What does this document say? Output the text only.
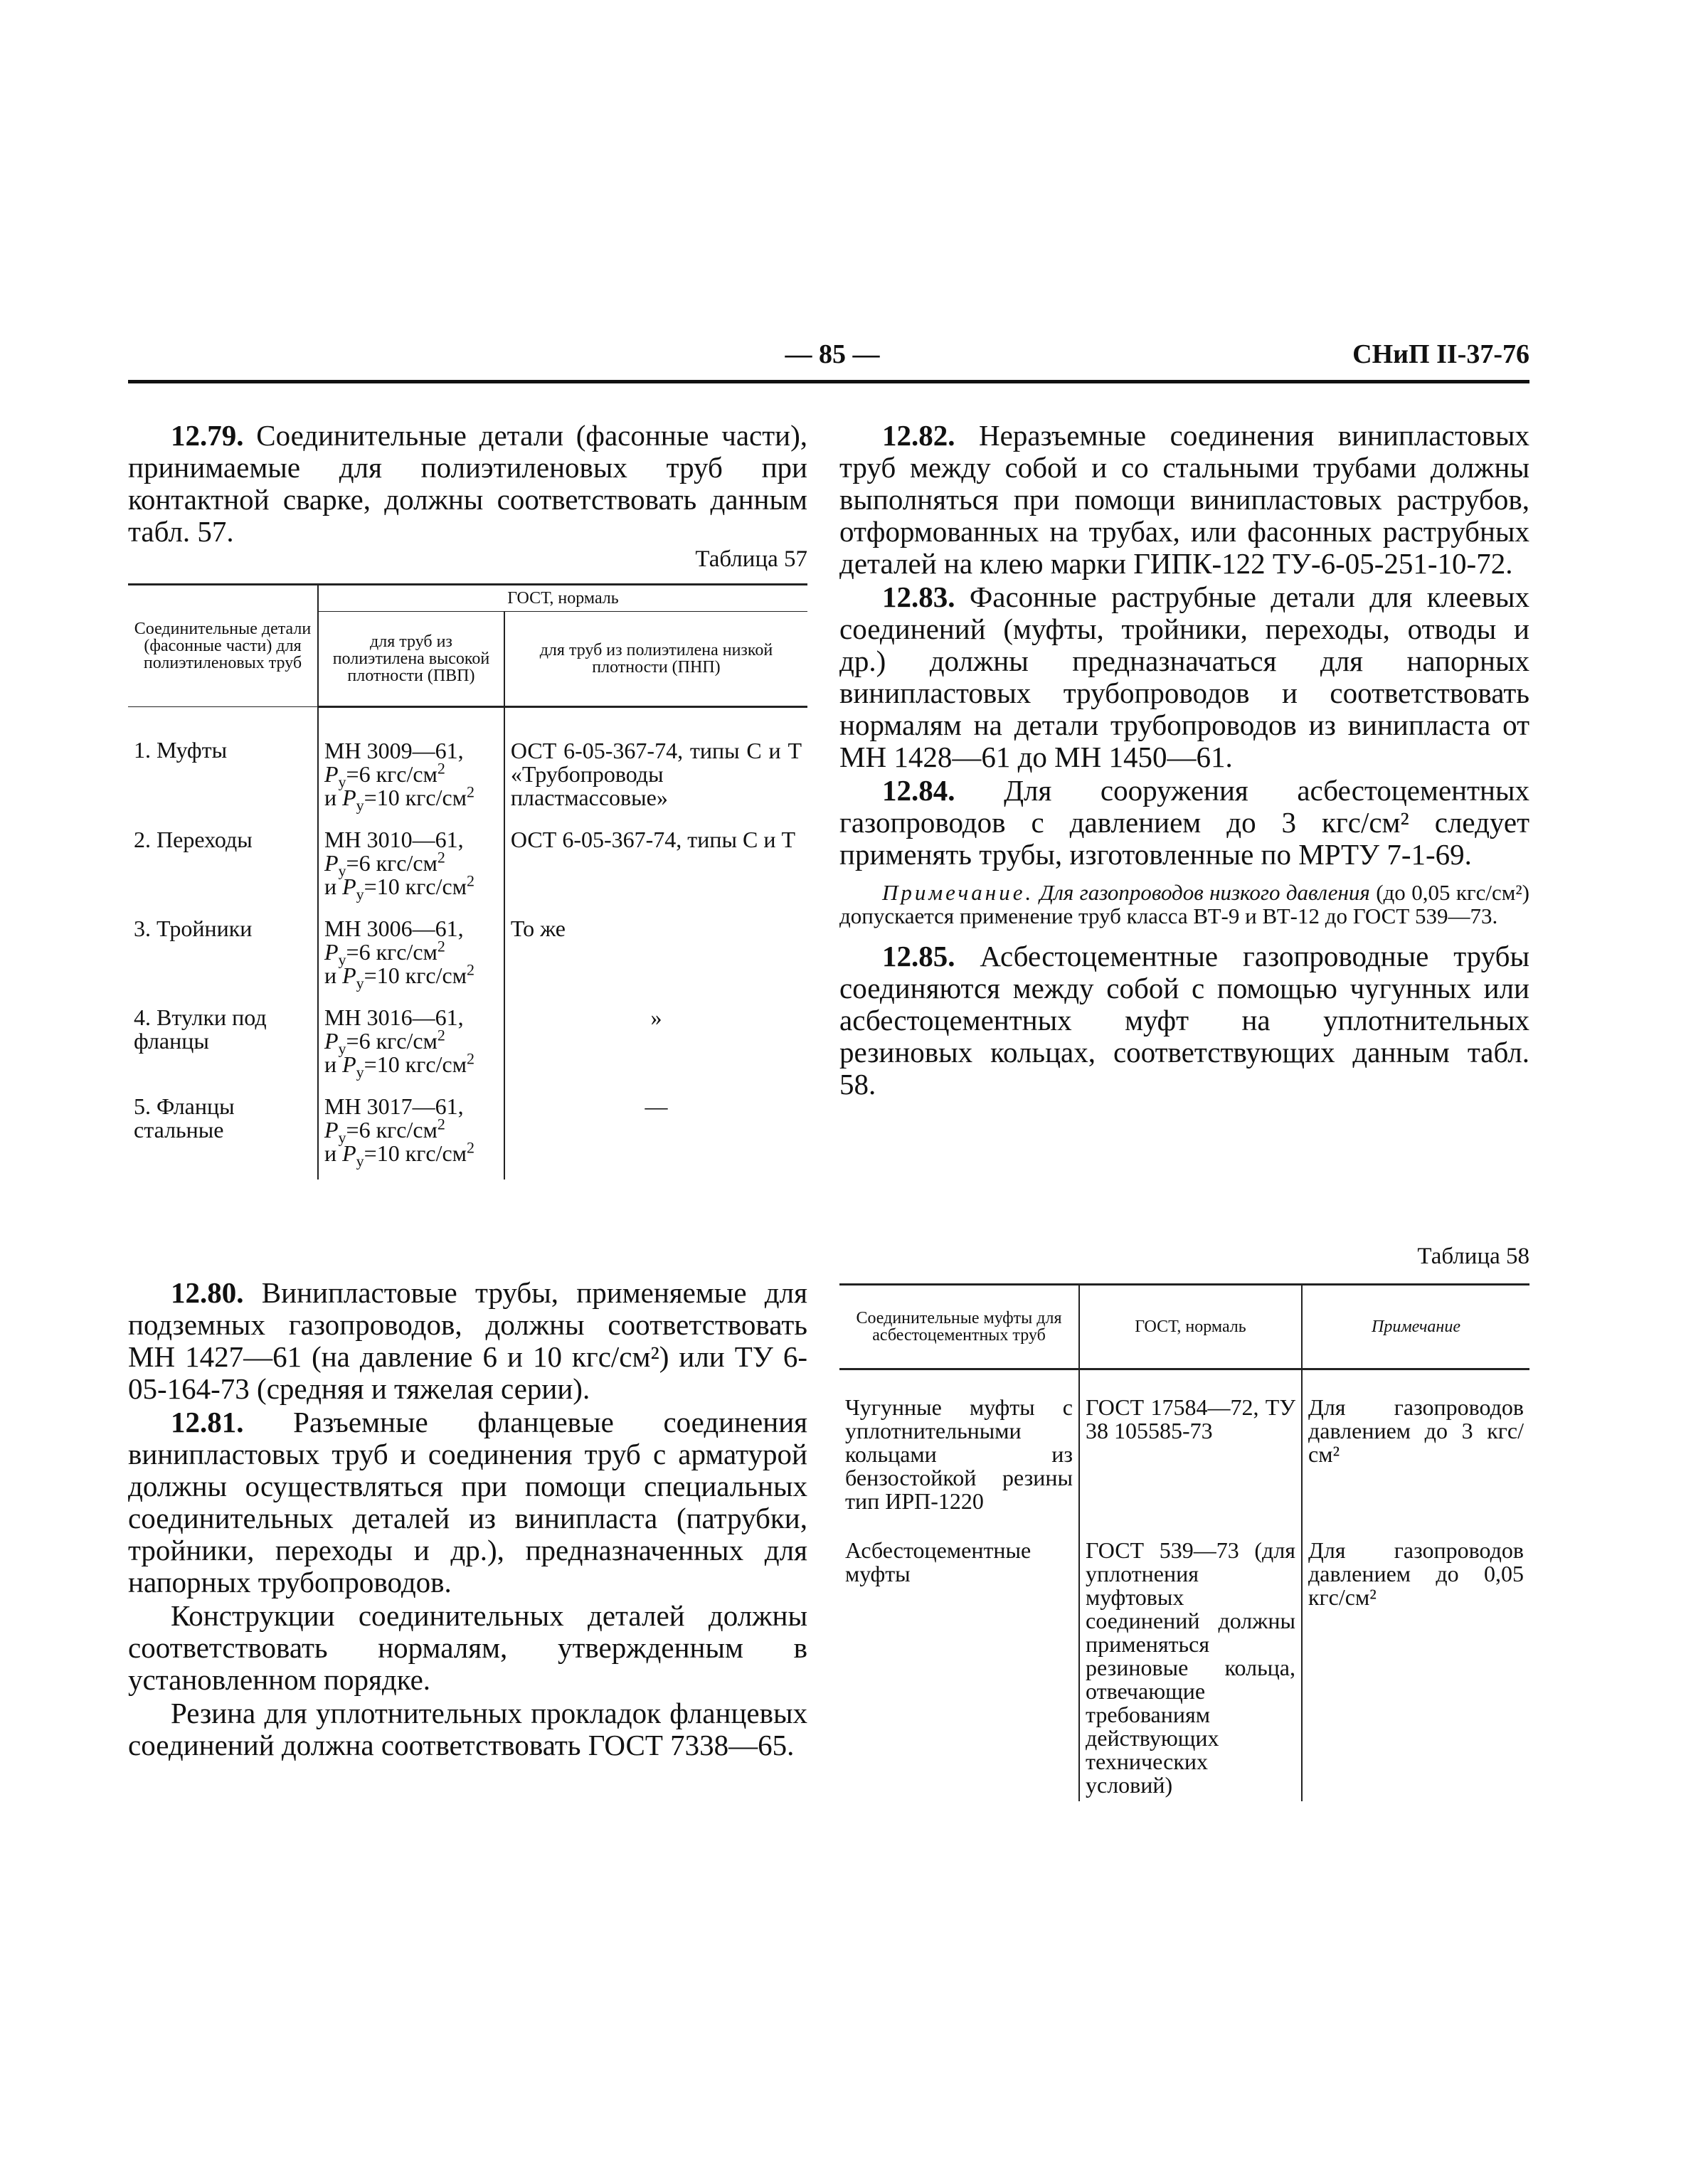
— 85 —	СНиП II-37-76

12.79. Соединительные детали (фасонные части), принимаемые для полиэтиленовых труб при контактной сварке, должны соответствовать данным табл. 57.

Таблица 57
Соединительные детали (фасонные части) для полиэтиленовых труб	ГОСТ, нормаль	
	для труб из полиэтилена высокой плотности (ПВП)	для труб из полиэтилена низкой плотности (ПНП)
1. Муфты	МН 3009—61,
$P_у=6$ кгс/$см^2$
и $P_у=10$ кгс/$см^2$	ОСТ 6-05-367-74, типы С и Т «Трубопроводы пластмассовые»
2. Переходы	МН 3010—61,
$P_у=6$ кгс/$см^2$
и $P_у=10$ кгс/$см^2$	ОСТ 6-05-367-74, типы С и Т
3. Тройники	МН 3006—61,
$P_у=6$ кгс/$см^2$
и $P_у=10$ кгс/$см^2$	То же
4. Втулки под фланцы	МН 3016—61,
$P_у=6$ кгс/$см^2$
и $P_у=10$ кгс/$см^2$	»
5. Фланцы стальные	МН 3017—61,
$P_у=6$ кгс/$см^2$
и $P_у=10$ кгс/$см^2$	—

12.80. Винипластовые трубы, применяемые для подземных газопроводов, должны соответствовать МН 1427—61 (на давление 6 и 10 кгс/см²) или ТУ 6-05-164-73 (средняя и тяжелая серии).

12.81. Разъемные фланцевые соединения винипластовых труб и соединения труб с арматурой должны осуществляться при помощи специальных соединительных деталей из винипласта (патрубки, тройники, переходы и др.), предназначенных для напорных трубопроводов.

Конструкции соединительных деталей должны соответствовать нормалям, утвержденным в установленном порядке.

Резина для уплотнительных прокладок фланцевых соединений должна соответствовать ГОСТ 7338—65.

12.82. Неразъемные соединения винипластовых труб между собой и со стальными трубами должны выполняться при помощи винипластовых раструбов, отформованных на трубах, или фасонных раструбных деталей на клею марки ГИПК-122 ТУ-6-05-251-10-72.

12.83. Фасонные раструбные детали для клеевых соединений (муфты, тройники, переходы, отводы и др.) должны предназначаться для напорных винипластовых трубопроводов и соответствовать нормалям на детали трубопроводов из винипласта от МН 1428—61 до МН 1450—61.

12.84. Для сооружения асбестоцементных газопроводов с давлением до 3 кгс/см² следует применять трубы, изготовленные по МРТУ 7-1-69.

Примечание. Для газопроводов низкого давления (до 0,05 кгс/см²) допускается применение труб класса ВТ-9 и ВТ-12 до ГОСТ 539—73.

12.85. Асбестоцементные газопроводные трубы соединяются между собой с помощью чугунных или асбестоцементных муфт на уплотнительных резиновых кольцах, соответствующих данным табл. 58.

Таблица 58
Соединительные муфты для асбестоцементных труб	ГОСТ, нормаль	Примечание
Чугунные муфты с уплотнительными кольцами из бензостойкой резины тип ИРП-1220	ГОСТ 17584—72, ТУ 38 105585-73	Для газопроводов давлением до 3 кгс/см²
Асбестоцементные муфты	ГОСТ 539—73 (для уплотнения муфтовых соединений должны применяться резиновые кольца, отвечающие требованиям действующих технических условий)	Для газопроводов давлением до 0,05 кгс/см²
